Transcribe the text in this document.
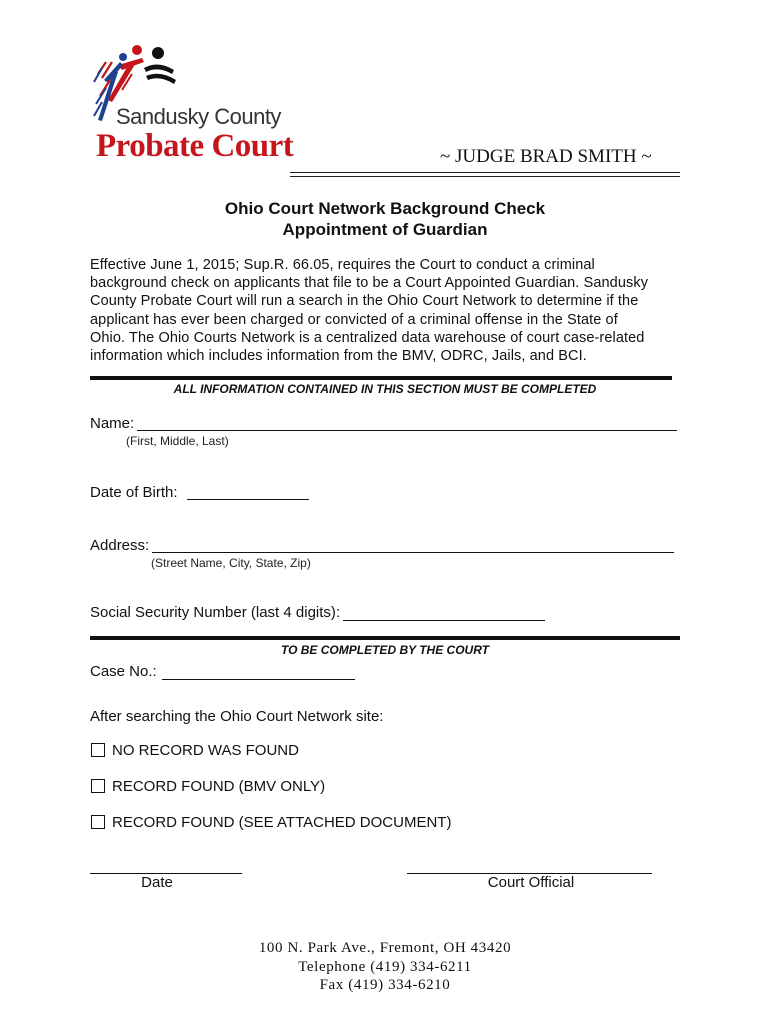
Sandusky County
Probate Court	~ JUDGE BRAD SMITH ~
Ohio Court Network Background Check
Appointment of Guardian
Effective June 1, 2015; Sup.R. 66.05, requires the Court to conduct a criminal
background check on applicants that file to be a Court Appointed Guardian. Sandusky
County Probate Court will run a search in the Ohio Court Network to determine if the
applicant has ever been charged or convicted of a criminal offense in the State of
Ohio. The Ohio Courts Network is a centralized data warehouse of court case-related
information which includes information from the BMV, ODRC, Jails, and BCI.
ALL INFORMATION CONTAINED IN THIS SECTION MUST BE COMPLETED
Name:
(First, Middle, Last)
Date of Birth:
Address:
(Street Name, City, State, Zip)
Social Security Number (last 4 digits):
TO BE COMPLETED BY THE COURT
Case No.:
After searching the Ohio Court Network site:
NO RECORD WAS FOUND
RECORD FOUND (BMV ONLY)
RECORD FOUND (SEE ATTACHED DOCUMENT)
Date	Court Official
100 N. Park Ave., Fremont, OH 43420
Telephone (419) 334-6211
Fax (419) 334-6210
